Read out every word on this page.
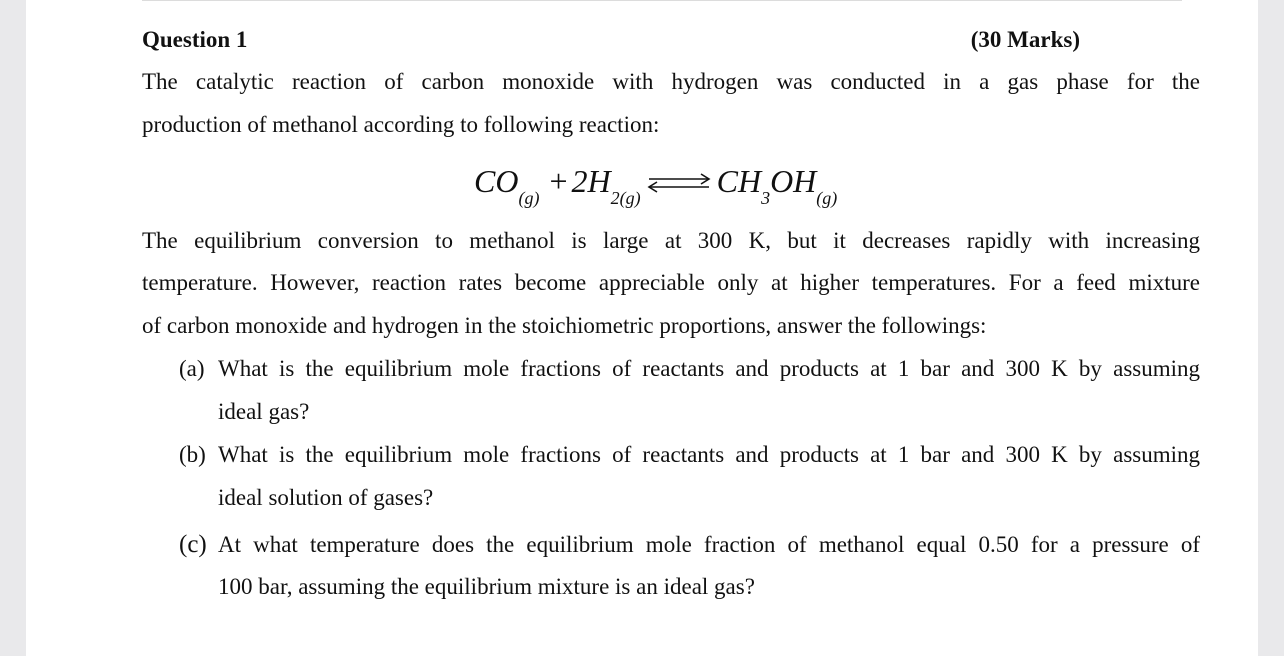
Question 1	(30 Marks)
The catalytic reaction of carbon monoxide with hydrogen was conducted in a gas phase for the
production of methanol according to following reaction:
CO (g) + 2H 2(g) ⇌ CH 3 OH (g)
The equilibrium conversion to methanol is large at 300 K, but it decreases rapidly with increasing
temperature. However, reaction rates become appreciable only at higher temperatures. For a feed mixture
of carbon monoxide and hydrogen in the stoichiometric proportions, answer the followings:
(a) What is the equilibrium mole fractions of reactants and products at 1 bar and 300 K by assuming
ideal gas?
(b) What is the equilibrium mole fractions of reactants and products at 1 bar and 300 K by assuming
ideal solution of gases?
(c) At what temperature does the equilibrium mole fraction of methanol equal 0.50 for a pressure of
100 bar, assuming the equilibrium mixture is an ideal gas?
